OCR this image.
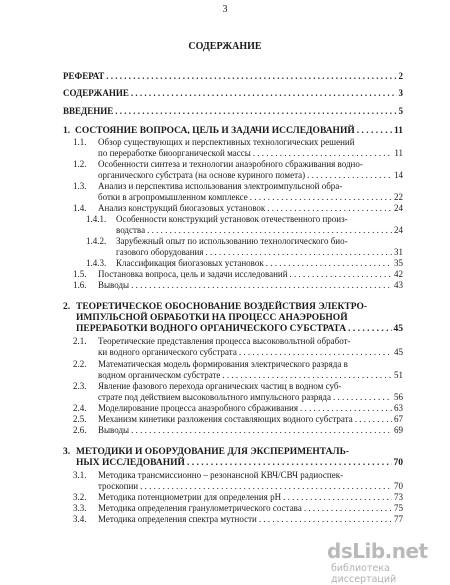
3
СОДЕРЖАНИЕ
РЕФЕРАТ . . .	2
СОДЕРЖАНИЕ . . .	3
ВВЕДЕНИЕ . . .	5
1. СОСТОЯНИЕ ВОПРОСА, ЦЕЛЬ И ЗАДАЧИ ИССЛЕДОВАНИЙ . . .	11
1.1. Обзор существующих и перспективных технологических решений
по переработке биоорганической массы . . .	11
1.2. Особенности синтеза и технологии анаэробного сбраживания водно-
органического субстрата (на основе куриного помета) . . .	14
1.3. Анализ и перспектива использования электроимпульсной обра-
ботки в агропромышленном комплексе . . .	22
1.4.	Анализ конструкций биогазовых установок . . .	24
1.4.1. Особенности конструкций установок отечественного произ-
водства . . .	24
1.4.2. Зарубежный опыт по использованию технологического био-
газового оборудования . . .	31
1.4.3.	Классификация биогазовых установок . . .	35
1.5.	Постановка вопроса, цель и задачи исследований . . .	42
1.6.	Выводы . . .	43
2. ТЕОРЕТИЧЕСКОЕ ОБОСНОВАНИЕ ВОЗДЕЙСТВИЯ ЭЛЕКТРО-
ИМПУЛЬСНОЙ ОБРАБОТКИ НА ПРОЦЕСС АНАЭРОБНОЙ
ПЕРЕРАБОТКИ ВОДНОГО ОРГАНИЧЕСКОГО СУБСТРАТА . . .	45
2.1. Теоретические представления процесса высоковольтной обработ-
ки водного органического субстрата . . .	45
2.2. Математическая модель формирования электрического разряда в
водном органическом субстрате . . .	51
2.3. Явление фазового перехода органических частиц в водном суб-
страте под действием высоковольтного импульсного разряда . . .	56
2.4.	Моделирование процесса анаэробного сбраживания . . .	63
2.5.	Механизм кинетики разложения составляющих водного субстрата . . .	67
2.6.	Выводы . . .	69
3. МЕТОДИКИ И ОБОРУДОВАНИЕ ДЛЯ ЭКСПЕРИМЕНТАЛЬ-
НЫХ ИССЛЕДОВАНИЙ . . .	70
3.1. Методика трансмиссионно – резонансной КВЧ/СВЧ радиоспек-
троскопии . . .	70
3.2.	Методика потенциометрии для определения pH . . .	73
3.3.	Методика определения гранулометрического состава . . .	75
3.4.	Методика определения спектра мутности . . .	77
dsLib.net
библиотека диссертаций
